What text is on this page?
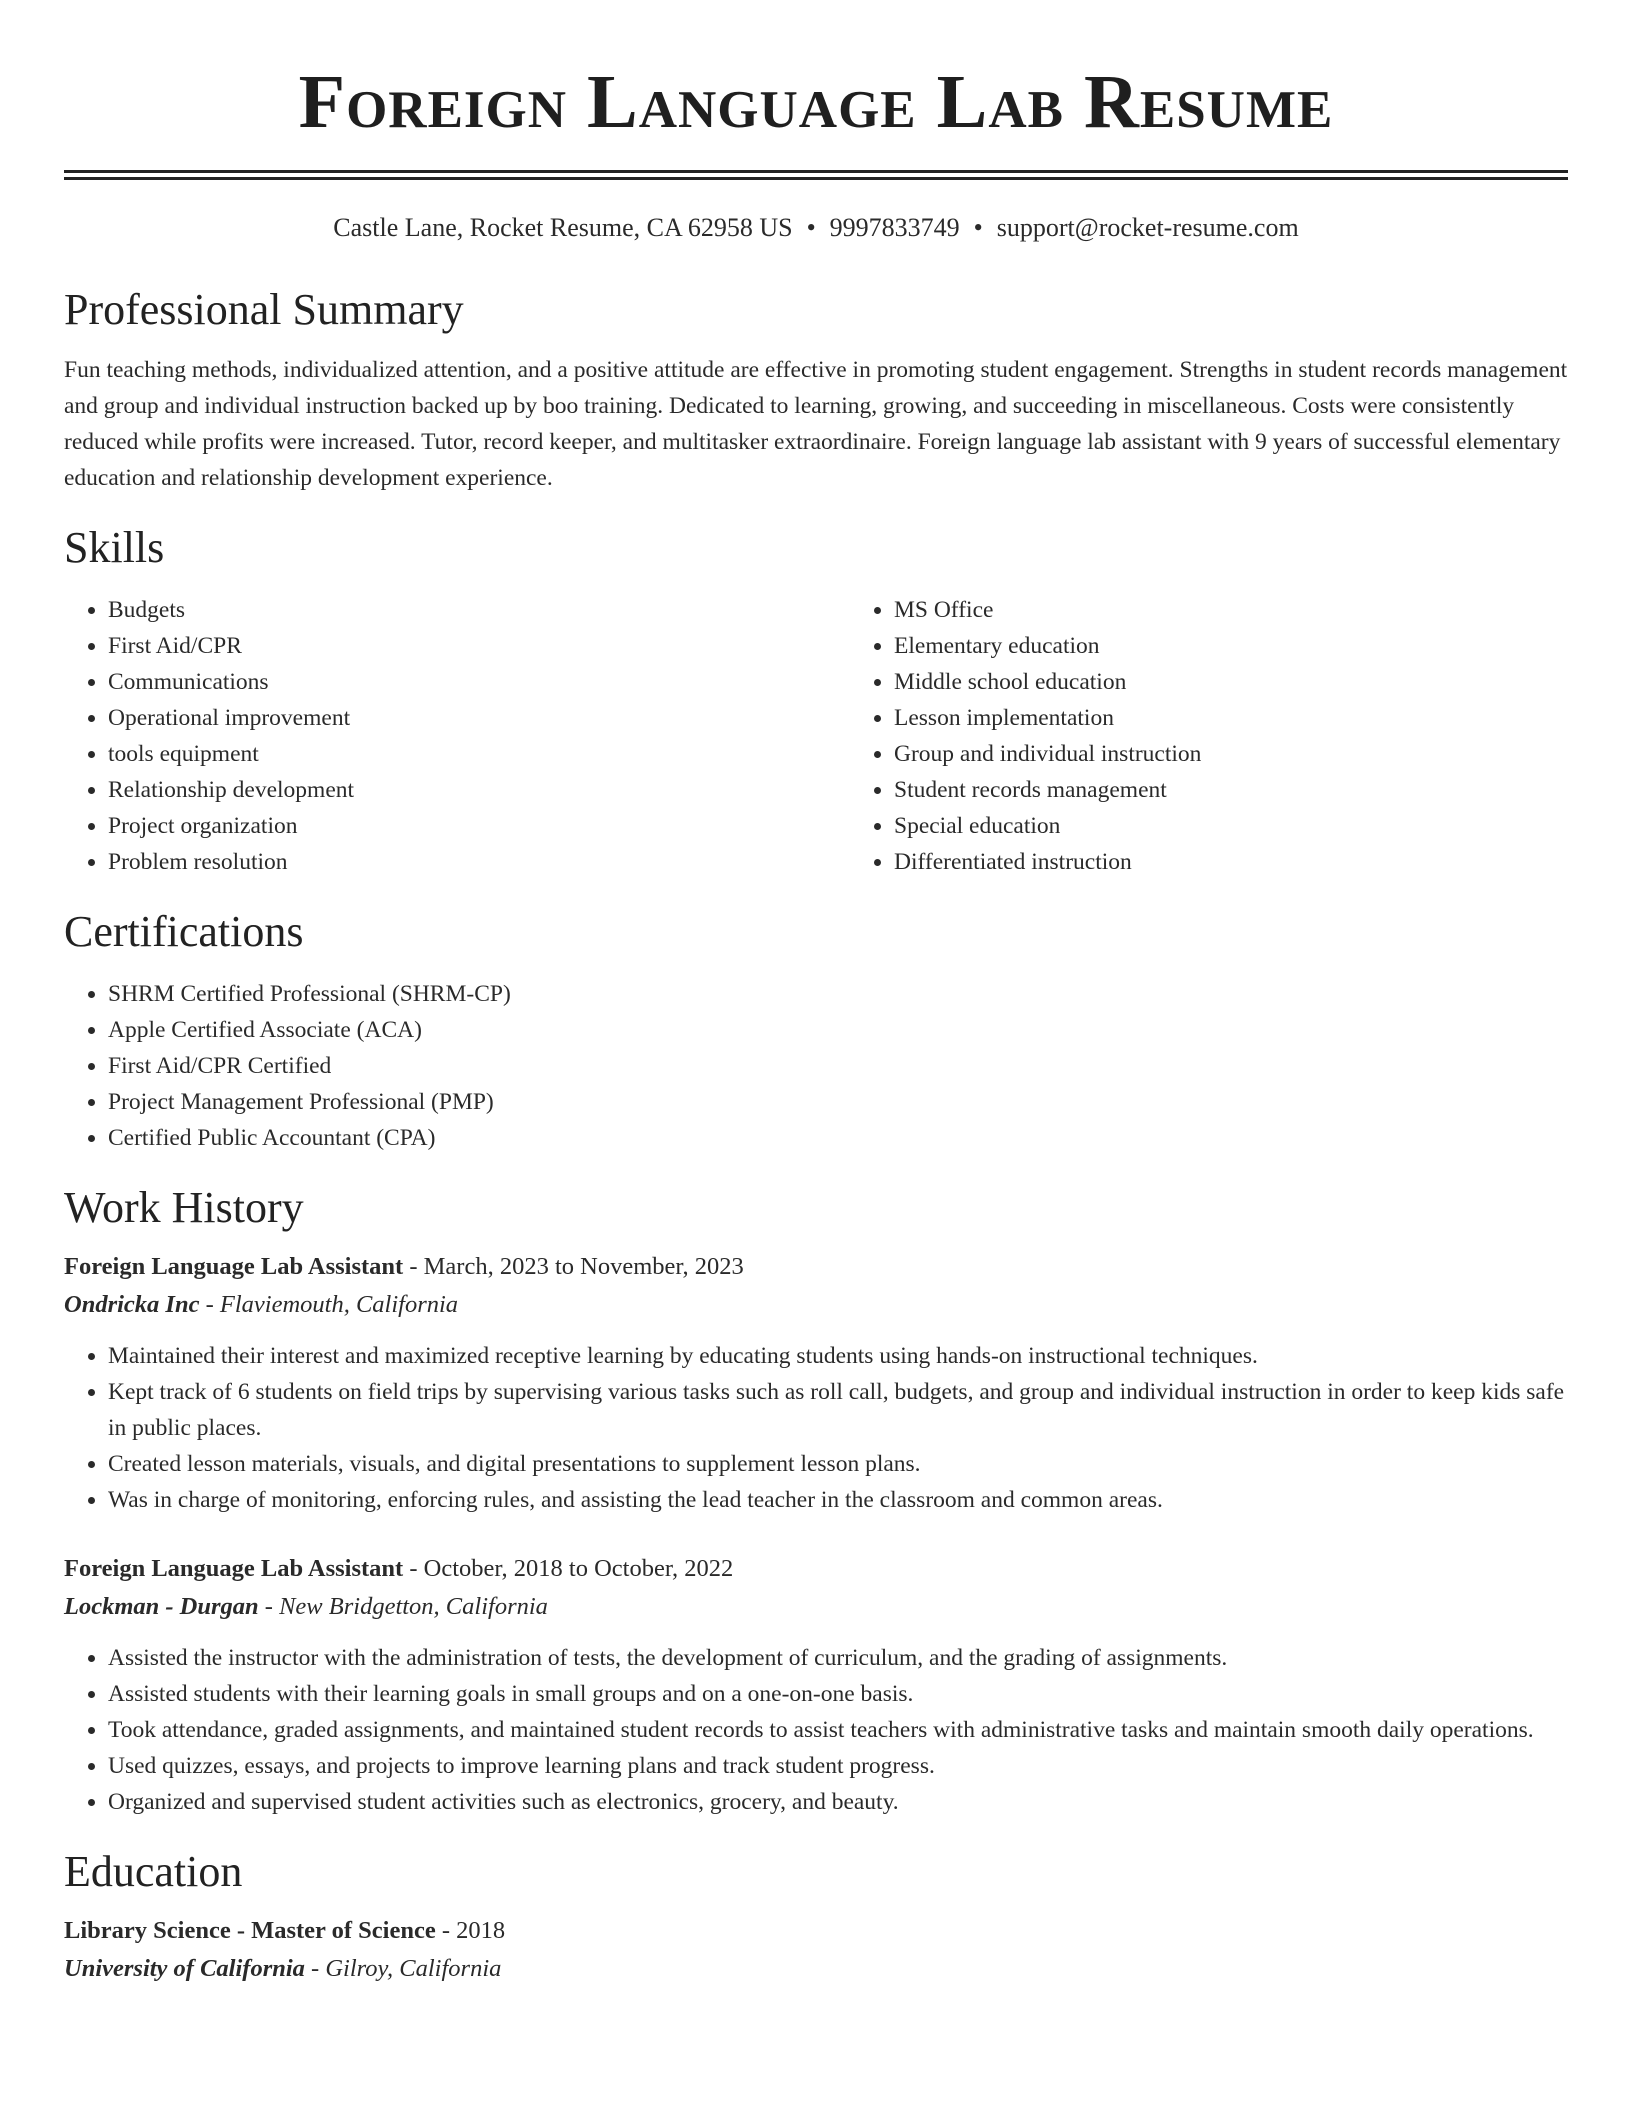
Foreign Language Lab Resume
Castle Lane, Rocket Resume, CA 62958 US • 9997833749 • support@rocket-resume.com
Professional Summary

Fun teaching methods, individualized attention, and a positive attitude are effective in promoting student engagement. Strengths in student records management and group and individual instruction backed up by boo training. Dedicated to learning, growing, and succeeding in miscellaneous. Costs were consistently reduced while profits were increased. Tutor, record keeper, and multitasker extraordinaire. Foreign language lab assistant with 9 years of successful elementary education and relationship development experience.

Skills
• Budgets
• First Aid/CPR
• Communications
• Operational improvement
• tools equipment
• Relationship development
• Project organization
• Problem resolution
• MS Office
• Elementary education
• Middle school education
• Lesson implementation
• Group and individual instruction
• Student records management
• Special education
• Differentiated instruction
Certifications
• SHRM Certified Professional (SHRM-CP)
• Apple Certified Associate (ACA)
• First Aid/CPR Certified
• Project Management Professional (PMP)
• Certified Public Accountant (CPA)
Work History
Foreign Language Lab Assistant - March, 2023 to November, 2023
Ondricka Inc - Flaviemouth, California
• Maintained their interest and maximized receptive learning by educating students using hands-on instructional techniques.
• Kept track of 6 students on field trips by supervising various tasks such as roll call, budgets, and group and individual instruction in order to keep kids safe in public places.
• Created lesson materials, visuals, and digital presentations to supplement lesson plans.
• Was in charge of monitoring, enforcing rules, and assisting the lead teacher in the classroom and common areas.
Foreign Language Lab Assistant - October, 2018 to October, 2022
Lockman - Durgan - New Bridgetton, California
• Assisted the instructor with the administration of tests, the development of curriculum, and the grading of assignments.
• Assisted students with their learning goals in small groups and on a one-on-one basis.
• Took attendance, graded assignments, and maintained student records to assist teachers with administrative tasks and maintain smooth daily operations.
• Used quizzes, essays, and projects to improve learning plans and track student progress.
• Organized and supervised student activities such as electronics, grocery, and beauty.
Education
Library Science - Master of Science - 2018
University of California - Gilroy, California
